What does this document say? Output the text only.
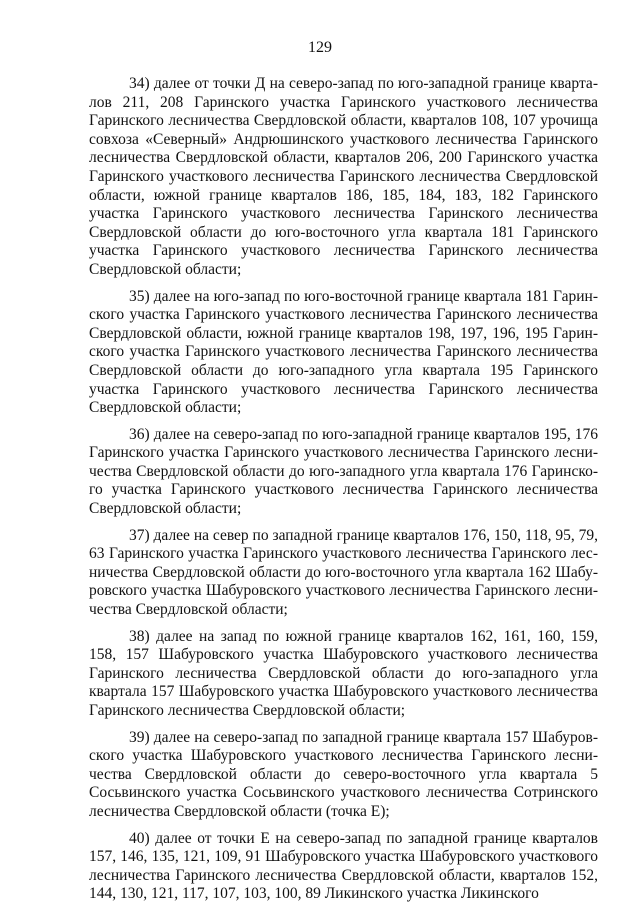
129

34) далее от точки Д на северо-запад по юго-западной границе кварталов 211, 208 Гаринского участка Гаринского участкового лесничества Гаринского лесничества Свердловской области, кварталов 108, 107 урочища совхоза «Северный» Андрюшинского участкового лесничества Гаринского лесничества Свердловской области, кварталов 206, 200 Гаринского участка Гаринского участкового лесничества Гаринского лесничества Свердловской области, южной границе кварталов 186, 185, 184, 183, 182 Гаринского участка Гаринского участкового лесничества Гаринского лесничества Свердловской области до юго-восточного угла квартала 181 Гаринского участка Гаринского участкового лесничества Гаринского лесничества Свердловской области;

35) далее на юго-запад по юго-восточной границе квартала 181 Гаринского участка Гаринского участкового лесничества Гаринского лесничества Свердловской области, южной границе кварталов 198, 197, 196, 195 Гаринского участка Гаринского участкового лесничества Гаринского лесничества Свердловской области до юго-западного угла квартала 195 Гаринского участка Гаринского участкового лесничества Гаринского лесничества Свердловской области;

36) далее на северо-запад по юго-западной границе кварталов 195, 176 Гаринского участка Гаринского участкового лесничества Гаринского лесничества Свердловской области до юго-западного угла квартала 176 Гаринского участка Гаринского участкового лесничества Гаринского лесничества Свердловской области;

37) далее на север по западной границе кварталов 176, 150, 118, 95, 79, 63 Гаринского участка Гаринского участкового лесничества Гаринского лесничества Свердловской области до юго-восточного угла квартала 162 Шабуровского участка Шабуровского участкового лесничества Гаринского лесничества Свердловской области;

38) далее на запад по южной границе кварталов 162, 161, 160, 159, 158, 157 Шабуровского участка Шабуровского участкового лесничества Гаринского лесничества Свердловской области до юго-западного угла квартала 157 Шабуровского участка Шабуровского участкового лесничества Гаринского лесничества Свердловской области;

39) далее на северо-запад по западной границе квартала 157 Шабуровского участка Шабуровского участкового лесничества Гаринского лесничества Свердловской области до северо-восточного угла квартала 5 Сосьвинского участка Сосьвинского участкового лесничества Сотринского лесничества Свердловской области (точка Е);

40) далее от точки Е на северо-запад по западной границе кварталов 157, 146, 135, 121, 109, 91 Шабуровского участка Шабуровского участкового лесничества Гаринского лесничества Свердловской области, кварталов 152, 144, 130, 121, 117, 107, 103, 100, 89 Ликинского участка Ликинского
